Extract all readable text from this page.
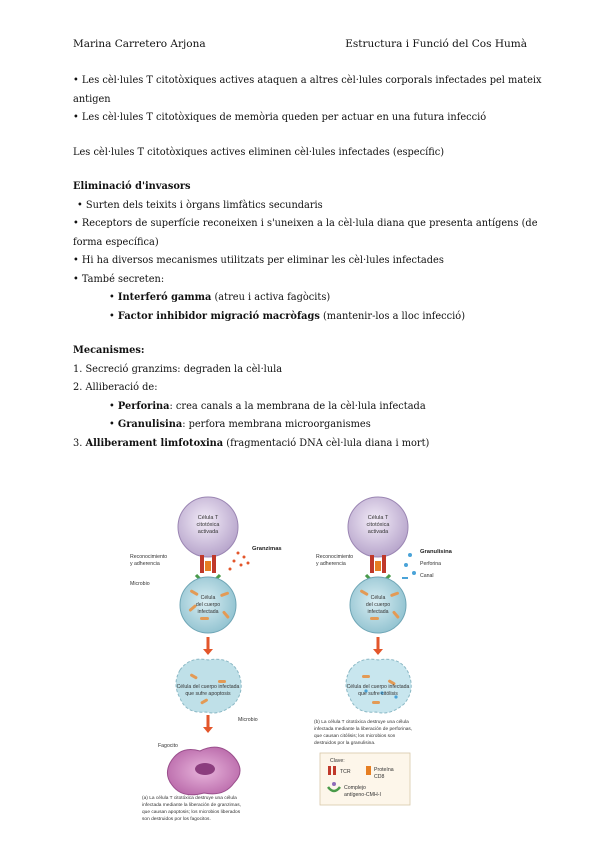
Marina Carretero Arjona	Estructura i Funció del Cos Humà
• Les cèl·lules T citotòxiques actives ataquen a altres cèl·lules corporals infectades pel mateix
antigen
• Les cèl·lules T citotòxiques de memòria queden per actuar en una futura infecció
Les cèl·lules T citotòxiques actives eliminen cèl·lules infectades (específic)
Eliminació d'invasors
• Surten dels teixits i òrgans limfàtics secundaris
• Receptors de superfície reconeixen i s'uneixen a la cèl·lula diana que presenta antígens (de
forma específica)
• Hi ha diversos mecanismes utilitzats per eliminar les cèl·lules infectades
• També secreten:
• Interferó gamma (atreu i activa fagòcits)
• Factor inhibidor migració macròfags (mantenir-los a lloc infecció)
Mecanismes:
1. Secreció granzims: degraden la cèl·lula
2. Alliberació de:
• Perforina: crea canals a la membrana de la cèl·lula infectada
• Granulisina: perfora membrana microorganismes
3. Alliberament limfotoxina (fragmentació DNA cèl·lula diana i mort)
Célula T
citotóxica
activada
Reconocimiento
y adherencia
Granzimas
Microbio
Célula
del cuerpo
infectada
Célula del cuerpo infectada
que sufre apoptosis
Microbio
Fagocito
(a) La célula T citotóxica destruye una célula
infectada mediante la liberación de granzimas,
que causan apoptosis; los microbios liberados
son destruidos por los fagocitos.
Célula T
citotóxica
activada
Reconocimiento
y adherencia
Granulisina
Perforina
Canal
Célula
del cuerpo
infectada
Célula del cuerpo infectada
que sufre citólisis
(b) La célula T citotóxica destruye una célula
infectada mediante la liberación de perforinas,
que causan citólisis; los microbios son
destruidos por la granulisina.
Clave:
TCR	Proteína
CD8
Complejo
antígeno-CMH-I
